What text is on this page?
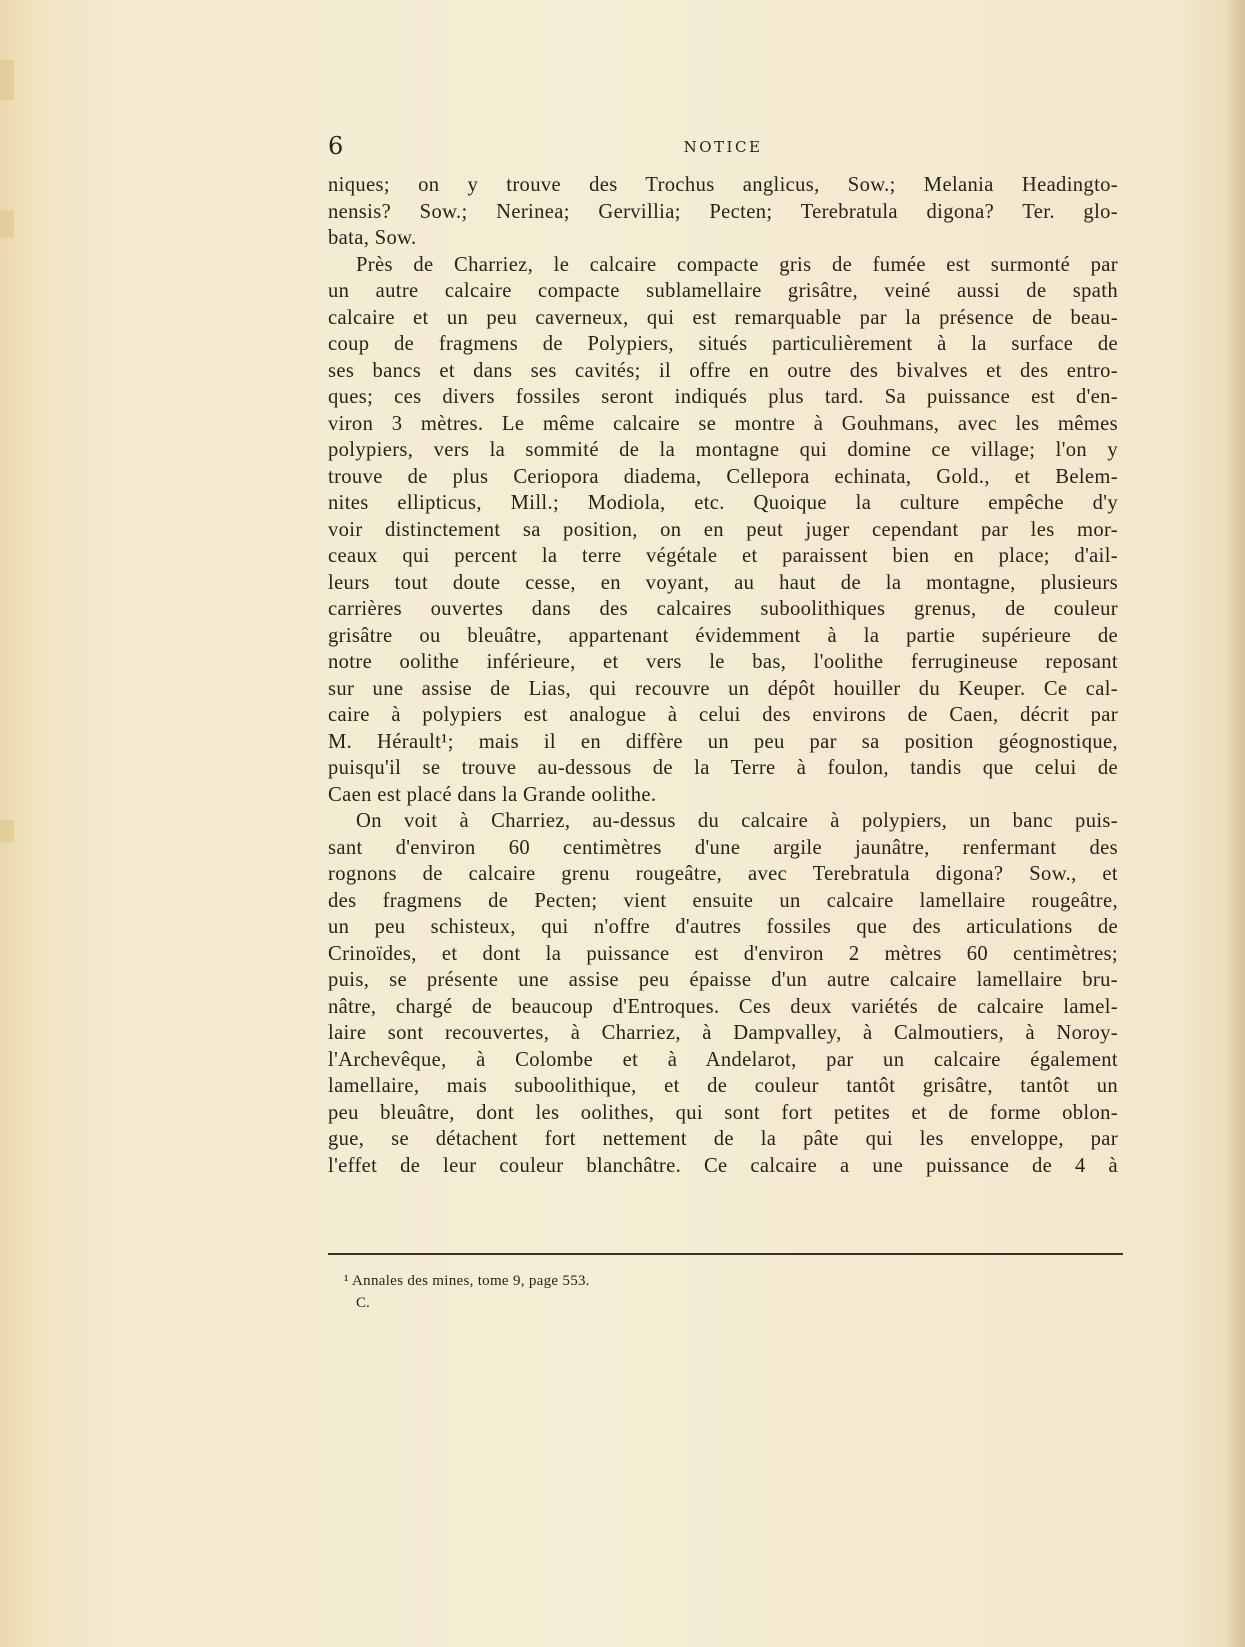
6	NOTICE

niques; on y trouve des Trochus anglicus, Sow.; Melania Headingto-

nensis? Sow.; Nerinea; Gervillia; Pecten; Terebratula digona? Ter. glo-

bata, Sow.

Près de Charriez, le calcaire compacte gris de fumée est surmonté par

un autre calcaire compacte sublamellaire grisâtre, veiné aussi de spath

calcaire et un peu caverneux, qui est remarquable par la présence de beau-

coup de fragmens de Polypiers, situés particulièrement à la surface de

ses bancs et dans ses cavités; il offre en outre des bivalves et des entro-

ques; ces divers fossiles seront indiqués plus tard. Sa puissance est d'en-

viron 3 mètres. Le même calcaire se montre à Gouhmans, avec les mêmes

polypiers, vers la sommité de la montagne qui domine ce village; l'on y

trouve de plus Ceriopora diadema, Cellepora echinata, Gold., et Belem-

nites ellipticus, Mill.; Modiola, etc. Quoique la culture empêche d'y

voir distinctement sa position, on en peut juger cependant par les mor-

ceaux qui percent la terre végétale et paraissent bien en place; d'ail-

leurs tout doute cesse, en voyant, au haut de la montagne, plusieurs

carrières ouvertes dans des calcaires suboolithiques grenus, de couleur

grisâtre ou bleuâtre, appartenant évidemment à la partie supérieure de

notre oolithe inférieure, et vers le bas, l'oolithe ferrugineuse reposant

sur une assise de Lias, qui recouvre un dépôt houiller du Keuper. Ce cal-

caire à polypiers est analogue à celui des environs de Caen, décrit par

M. Hérault¹; mais il en diffère un peu par sa position géognostique,

puisqu'il se trouve au-dessous de la Terre à foulon, tandis que celui de

Caen est placé dans la Grande oolithe.

On voit à Charriez, au-dessus du calcaire à polypiers, un banc puis-

sant d'environ 60 centimètres d'une argile jaunâtre, renfermant des

rognons de calcaire grenu rougeâtre, avec Terebratula digona? Sow., et

des fragmens de Pecten; vient ensuite un calcaire lamellaire rougeâtre,

un peu schisteux, qui n'offre d'autres fossiles que des articulations de

Crinoïdes, et dont la puissance est d'environ 2 mètres 60 centimètres;

puis, se présente une assise peu épaisse d'un autre calcaire lamellaire bru-

nâtre, chargé de beaucoup d'Entroques. Ces deux variétés de calcaire lamel-

laire sont recouvertes, à Charriez, à Dampvalley, à Calmoutiers, à Noroy-

l'Archevêque, à Colombe et à Andelarot, par un calcaire également

lamellaire, mais suboolithique, et de couleur tantôt grisâtre, tantôt un

peu bleuâtre, dont les oolithes, qui sont fort petites et de forme oblon-

gue, se détachent fort nettement de la pâte qui les enveloppe, par

l'effet de leur couleur blanchâtre. Ce calcaire a une puissance de 4 à

¹ Annales des mines, tome 9, page 553.
C.
